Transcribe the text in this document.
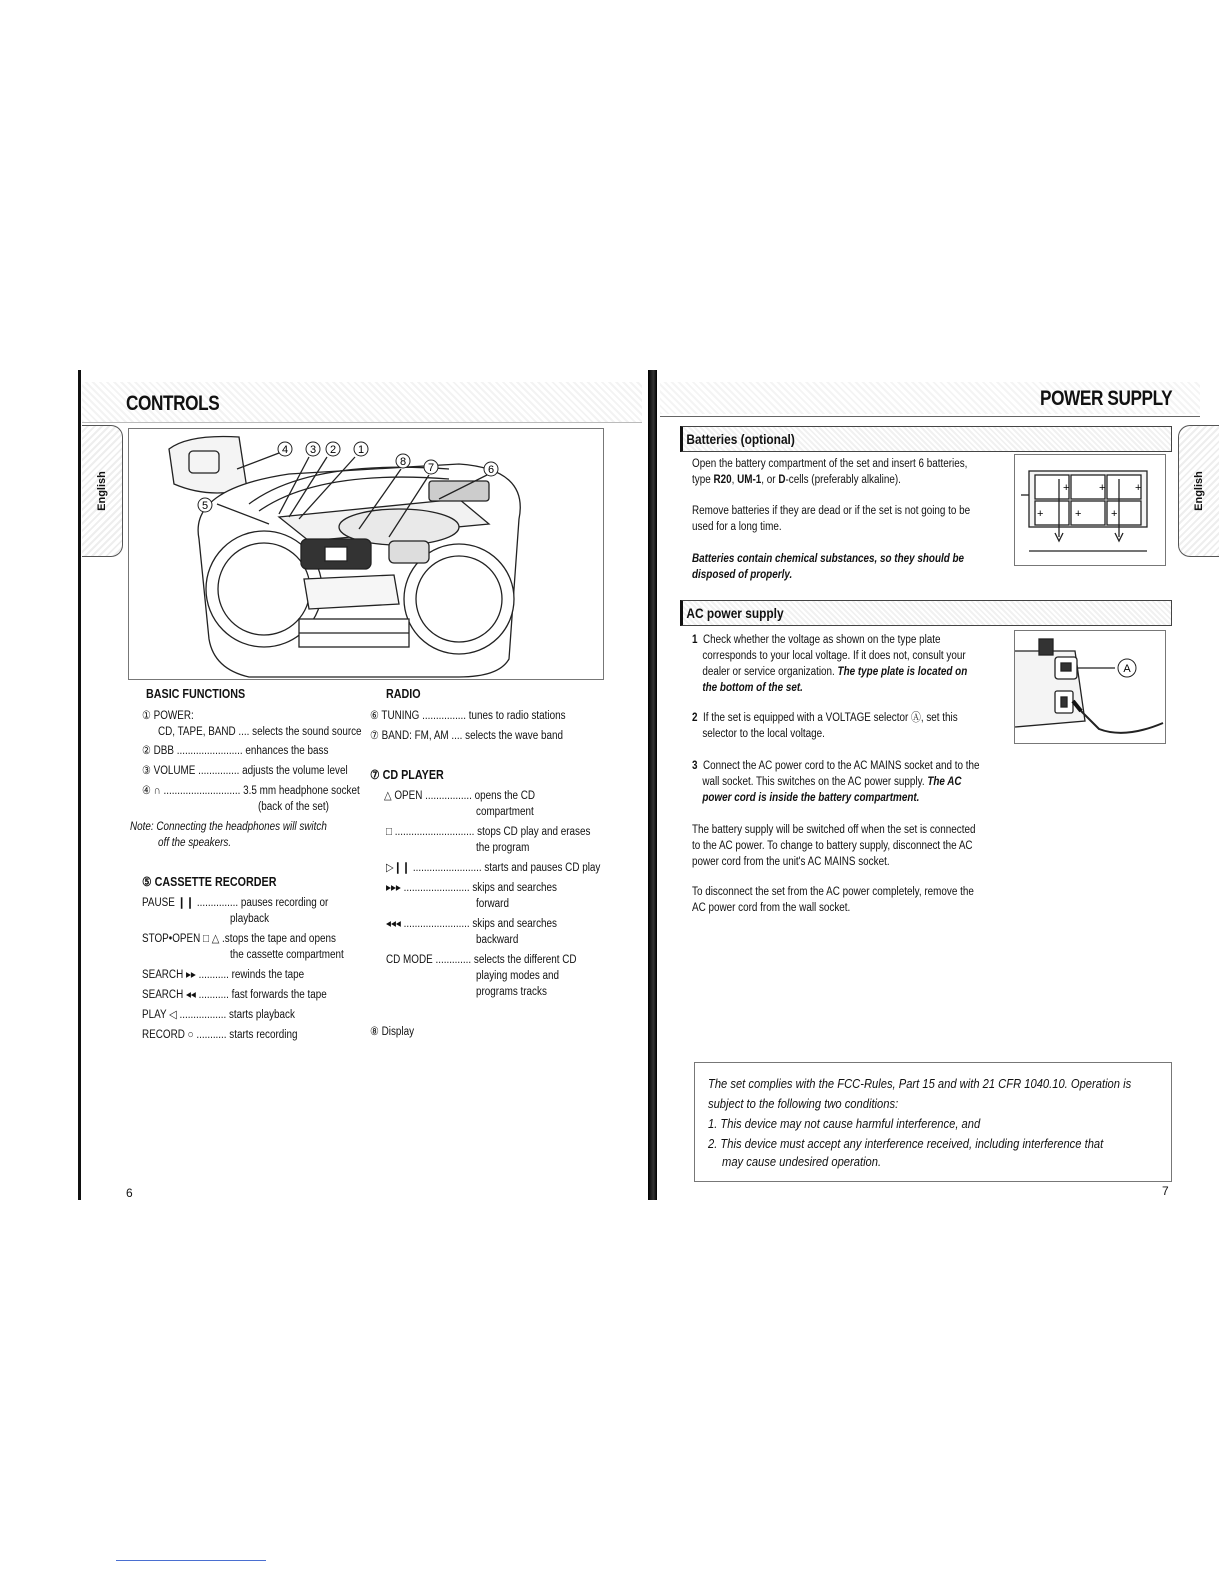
CONTROLS
English
4 3 2 1
8 7	6
5
BASIC FUNCTIONS
① POWER:
CD, TAPE, BAND .... selects the sound source
② DBB ........................ enhances the bass
③ VOLUME ............... adjusts the volume level
④ ∩ ............................ 3.5 mm headphone socket
(back of the set)
Note: Connecting the headphones will switch
off the speakers.
⑤ CASSETTE RECORDER
PAUSE ❙❙ ............... pauses recording or
playback
STOP•OPEN □ △ .stops the tape and opens
the cassette compartment
SEARCH ▸▸ ........... rewinds the tape
SEARCH ◂◂ ........... fast forwards the tape
PLAY ◁ ................. starts playback
RECORD ○ ........... starts recording
RADIO
⑥ TUNING ................ tunes to radio stations
⑦ BAND: FM, AM .... selects the wave band
⑦ CD PLAYER
△ OPEN ................. opens the CD
compartment
□ ............................. stops CD play and erases
the program
▷❙❙ ......................... starts and pauses CD play
▸▸▸ ........................ skips and searches
forward
◂◂◂ ........................ skips and searches
backward
CD MODE ............. selects the different CD
playing modes and
programs tracks
⑧ Display
6
POWER SUPPLY
English
Batteries (optional)
Open the battery compartment of the set and insert 6 batteries,
type R20, UM-1, or D-cells (preferably alkaline).
Remove batteries if they are dead or if the set is not going to be
used for a long time.
Batteries contain chemical substances, so they should be
disposed of properly.
+	+	+
+	+	+
AC power supply
1 Check whether the voltage as shown on the type plate
corresponds to your local voltage. If it does not, consult your
dealer or service organization. The type plate is located on
the bottom of the set.
2 If the set is equipped with a VOLTAGE selector Ⓐ, set this
selector to the local voltage.
3 Connect the AC power cord to the AC MAINS socket and to the
wall socket. This switches on the AC power supply. The AC
power cord is inside the battery compartment.
The battery supply will be switched off when the set is connected
to the AC power. To change to battery supply, disconnect the AC
power cord from the unit's AC MAINS socket.
To disconnect the set from the AC power completely, remove the
AC power cord from the wall socket.
A
The set complies with the FCC-Rules, Part 15 and with 21 CFR 1040.10. Operation is
subject to the following two conditions:
1. This device may not cause harmful interference, and
2. This device must accept any interference received, including interference that
may cause undesired operation.
7
